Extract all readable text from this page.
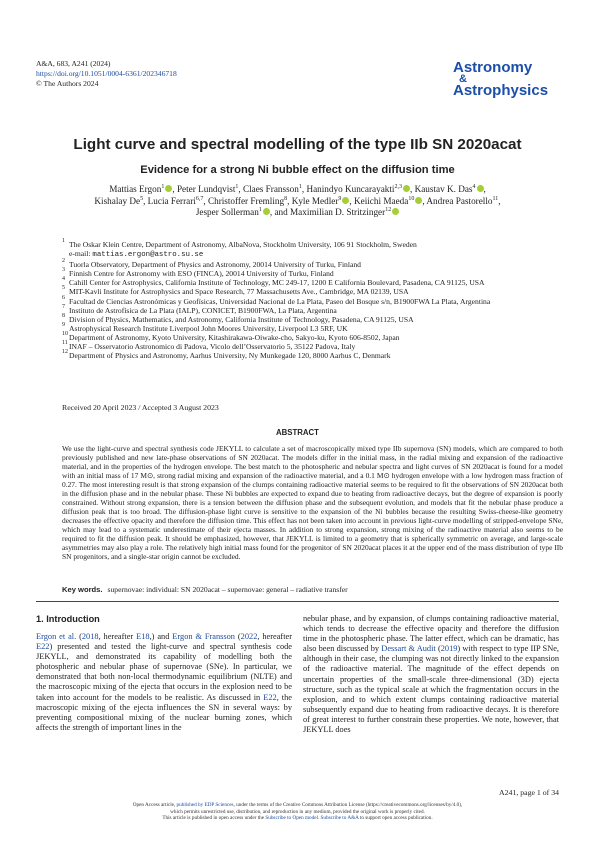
A&A, 683, A241 (2024)
https://doi.org/10.1051/0004-6361/202346718
© The Authors 2024
Astronomy
&
Astrophysics
Light curve and spectral modelling of the type IIb SN 2020acat
Evidence for a strong Ni bubble effect on the diffusion time
Mattias Ergon$^1$ , Peter Lundqvist$^1$, Claes Fransson$^1$, Hanindyo Kuncarayakti$^{2,3}$ , Kaustav K. Das$^4$ ,
Kishalay De$^5$, Lucia Ferrari$^{6,7}$, Christoffer Fremling$^8$, Kyle Medler$^9$ , Keiichi Maeda$^{10}$ , Andrea Pastorello$^{11}$,
Jesper Sollerman$^1$ , and Maximilian D. Stritzinger$^{12}$
1 The Oskar Klein Centre, Department of Astronomy, AlbaNova, Stockholm University, 106 91 Stockholm, Sweden
e-mail: mattias.ergon@astro.su.se
2 Tuorla Observatory, Department of Physics and Astronomy, 20014 University of Turku, Finland
3 Finnish Centre for Astronomy with ESO (FINCA), 20014 University of Turku, Finland
4 Cahill Center for Astrophysics, California Institute of Technology, MC 249-17, 1200 E California Boulevard, Pasadena, CA 91125, USA
5 MIT-Kavli Institute for Astrophysics and Space Research, 77 Massachusetts Ave., Cambridge, MA 02139, USA
6 Facultad de Ciencias Astronómicas y Geofísicas, Universidad Nacional de La Plata, Paseo del Bosque s/n, B1900FWA La Plata, Argentina
7 Instituto de Astrofísica de La Plata (IALP), CONICET, B1900FWA, La Plata, Argentina
8 Division of Physics, Mathematics, and Astronomy, California Institute of Technology, Pasadena, CA 91125, USA
9 Astrophysical Research Institute Liverpool John Moores University, Liverpool L3 5RF, UK
10 Department of Astronomy, Kyoto University, Kitashirakawa-Oiwake-cho, Sakyo-ku, Kyoto 606-8502, Japan
11 INAF – Osservatorio Astronomico di Padova, Vicolo dell’Osservatorio 5, 35122 Padova, Italy
12 Department of Physics and Astronomy, Aarhus University, Ny Munkegade 120, 8000 Aarhus C, Denmark
Received 20 April 2023 / Accepted 3 August 2023
ABSTRACT
We use the light-curve and spectral synthesis code JEKYLL to calculate a set of macroscopically mixed type IIb supernova (SN) models, which are compared to both previously published and new late-phase observations of SN 2020acat. The models differ in the initial mass, in the radial mixing and expansion of the radioactive material, and in the properties of the hydrogen envelope. The best match to the photospheric and nebular spectra and light curves of SN 2020acat is found for a model with an initial mass of 17 M⊙, strong radial mixing and expansion of the radioactive material, and a 0.1 M⊙ hydrogen envelope with a low hydrogen mass fraction of 0.27. The most interesting result is that strong expansion of the clumps containing radioactive material seems to be required to fit the observations of SN 2020acat both in the diffusion phase and in the nebular phase. These Ni bubbles are expected to expand due to heating from radioactive decays, but the degree of expansion is poorly constrained. Without strong expansion, there is a tension between the diffusion phase and the subsequent evolution, and models that fit the nebular phase produce a diffusion peak that is too broad. The diffusion-phase light curve is sensitive to the expansion of the Ni bubbles because the resulting Swiss-cheese-like geometry decreases the effective opacity and therefore the diffusion time. This effect has not been taken into account in previous light-curve modelling of stripped-envelope SNe, which may lead to a systematic underestimate of their ejecta masses. In addition to strong expansion, strong mixing of the radioactive material also seems to be required to fit the diffusion peak. It should be emphasized, however, that JEKYLL is limited to a geometry that is spherically symmetric on average, and large-scale asymmetries may also play a role. The relatively high initial mass found for the progenitor of SN 2020acat places it at the upper end of the mass distribution of type IIb SN progenitors, and a single-star origin cannot be excluded.
Key words. supernovae: individual: SN 2020acat – supernovae: general – radiative transfer
1. Introduction
Ergon et al. (2018, hereafter E18,) and Ergon & Fransson (2022, hereafter E22) presented and tested the light-curve and spectral synthesis code JEKYLL, and demonstrated its capability of modelling both the photospheric and nebular phase of supernovae (SNe). In particular, we demonstrated that both non-local thermodynamic equilibrium (NLTE) and the macroscopic mixing of the ejecta that occurs in the explosion need to be taken into account for the models to be realistic. As discussed in E22, the macroscopic mixing of the ejecta influences the SN in several ways: by preventing compositional mixing of the nuclear burning zones, which affects the strength of important lines in the
nebular phase, and by expansion, of clumps containing radioactive material, which tends to decrease the effective opacity and therefore the diffusion time in the photospheric phase. The latter effect, which can be dramatic, has also been discussed by Dessart & Audit (2019) with respect to type IIP SNe, although in their case, the clumping was not directly linked to the expansion of the radioactive material. The magnitude of the effect depends on uncertain properties of the small-scale three-dimensional (3D) ejecta structure, such as the typical scale at which the fragmentation occurs in the explosion, and to which extent clumps containing radioactive material subsequently expand due to heating from radioactive decays. It is therefore of great interest to further constrain these properties. We note, however, that JEKYLL does
A241, page 1 of 34
Open Access article, published by EDP Sciences, under the terms of the Creative Commons Attribution License (https://creativecommons.org/licenses/by/4.0),
which permits unrestricted use, distribution, and reproduction in any medium, provided the original work is properly cited.
This article is published in open access under the Subscribe to Open model. Subscribe to A&A to support open access publication.
